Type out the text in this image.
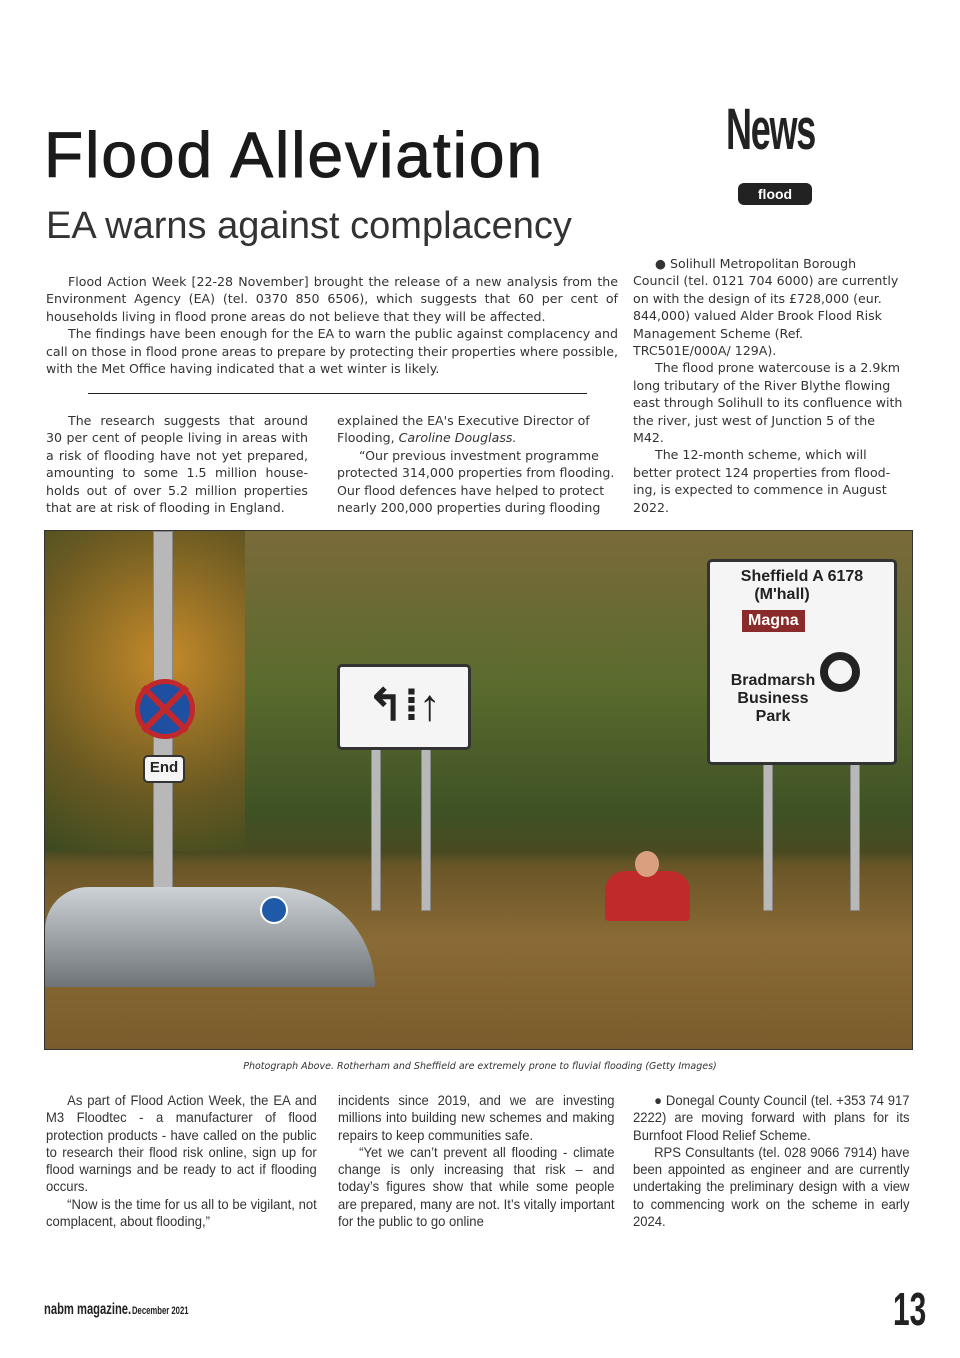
Flood Alleviation
EA warns against complacency
News
flood

Flood Action Week [22-28 November] brought the release of a new analysis from the Environment Agency (EA) (tel. 0370 850 6506), which suggests that 60 per cent of households living in flood prone areas do not believe that they will be affected.

The findings have been enough for the EA to warn the public against complacency and call on those in flood prone areas to prepare by protecting their properties where possible, with the Met Office having indicated that a wet winter is likely.

The research suggests that around 30 per cent of people living in areas with a risk of flooding have not yet prepared, amounting to some 1.5 million house-holds out of over 5.2 million properties that are at risk of flooding in England.

explained the EA's Executive Director of Flooding, Caroline Douglass.

“Our previous investment programme protected 314,000 properties from flooding. Our flood defences have helped to protect nearly 200,000 properties during flooding

● Solihull Metropolitan Borough Council (tel. 0121 704 6000) are currently on with the design of its £728,000 (eur. 844,000) valued Alder Brook Flood Risk Management Scheme (Ref. TRC501E/000A/ 129A).

The flood prone watercouse is a 2.9km long tributary of the River Blythe flowing east through Solihull to its confluence with the river, just west of Junction 5 of the M42.

The 12-month scheme, which will better protect 124 properties from flood-ing, is expected to commence in August 2022.

End
↰⁞↑
Sheffield A 6178
(M'hall)
Magna
Bradmarsh
Business
Park
Photograph Above. Rotherham and Sheffield are extremely prone to fluvial flooding (Getty Images)

As part of Flood Action Week, the EA and M3 Floodtec - a manufacturer of flood protection products - have called on the public to research their flood risk online, sign up for flood warnings and be ready to act if flooding occurs.

“Now is the time for us all to be vigilant, not complacent, about flooding,”

incidents since 2019, and we are investing millions into building new schemes and making repairs to keep communities safe.

“Yet we can’t prevent all flooding - climate change is only increasing that risk – and today’s figures show that while some people are prepared, many are not. It’s vitally important for the public to go online

● Donegal County Council (tel. +353 74 917 2222) are moving forward with plans for its Burnfoot Flood Relief Scheme.

RPS Consultants (tel. 028 9066 7914) have been appointed as engineer and are currently undertaking the preliminary design with a view to commencing work on the scheme in early 2024.

nabm magazine. December 2021	13
